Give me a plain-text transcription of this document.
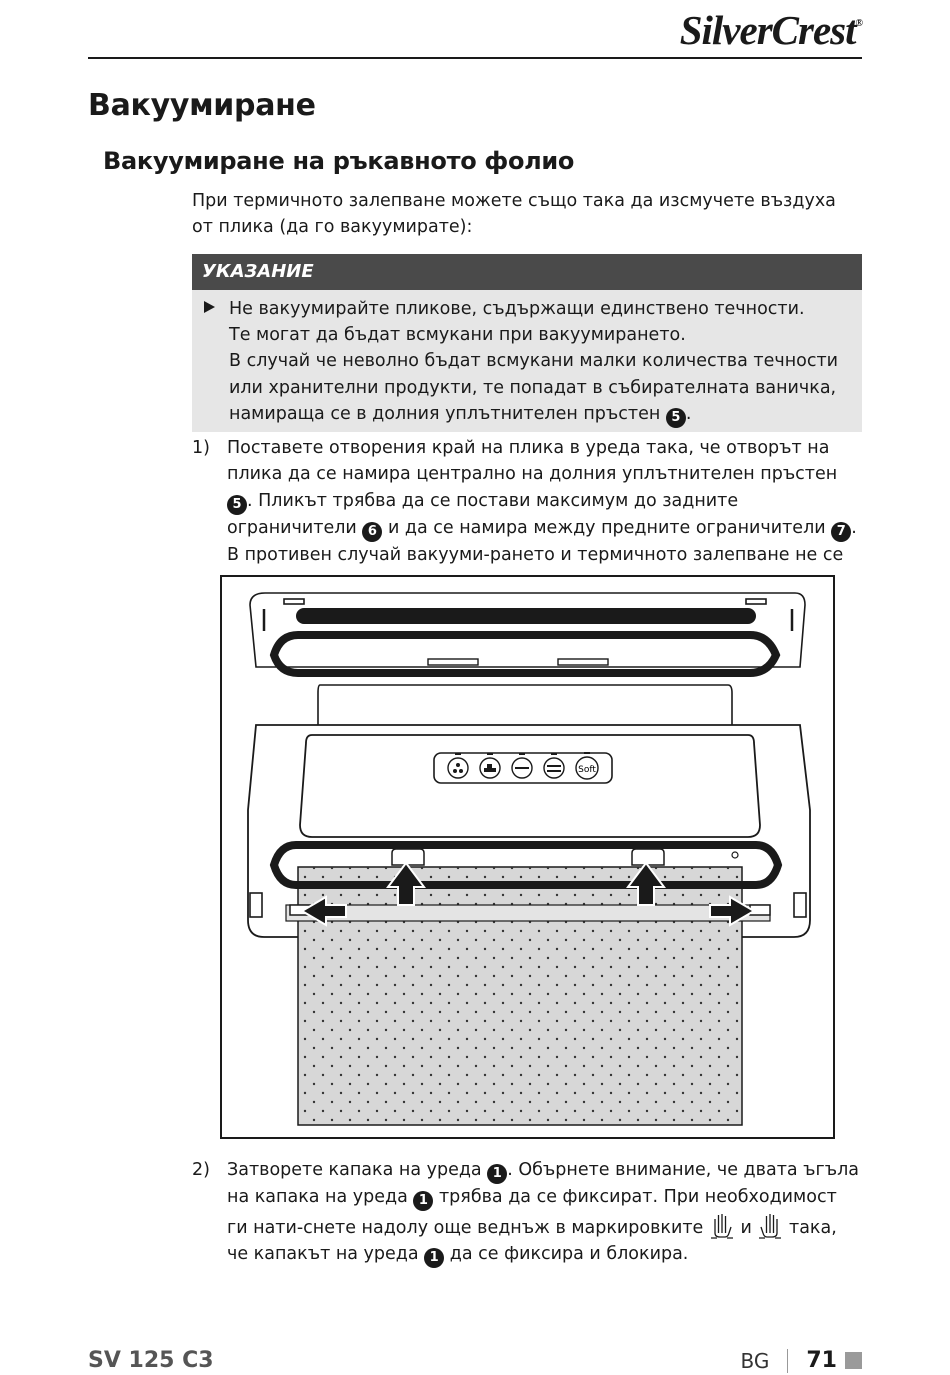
SilverCrest®
Вакуумиране
Вакуумиране на ръкавното фолио

При термичното залепване можете също така да изсмучете въздуха от плика (да го вакуумирате):

УКАЗАНИЕ

Не вакуумирайте пликове, съдържащи единствено течности.

Те могат да бъдат всмукани при вакуумирането.

В случай че неволно бъдат всмукани малки количества течности или хранителни продукти, те попадат в събирателната ваничка, намираща се в долния уплътнителен пръстен 5 .

1) Поставете отворения край на плика в уреда така, че отворът на плика да се намира централно на долния уплътнителен пръстен 5 . Пликът трябва да се постави максимум до задните ограничители 6 и да се намира между предните ограничители 7 . В противен случай вакууми-рането и термичното залепване не се
Soft
2) Затворете капака на уреда 1 . Обърнете внимание, че двата ъгъла на капака на уреда 1 трябва да се фиксират. При необходимост ги нати-снете надолу още веднъж в маркировките и така, че капакът на уреда 1 да се фиксира и блокира.
SV 125 C3	BG 71
